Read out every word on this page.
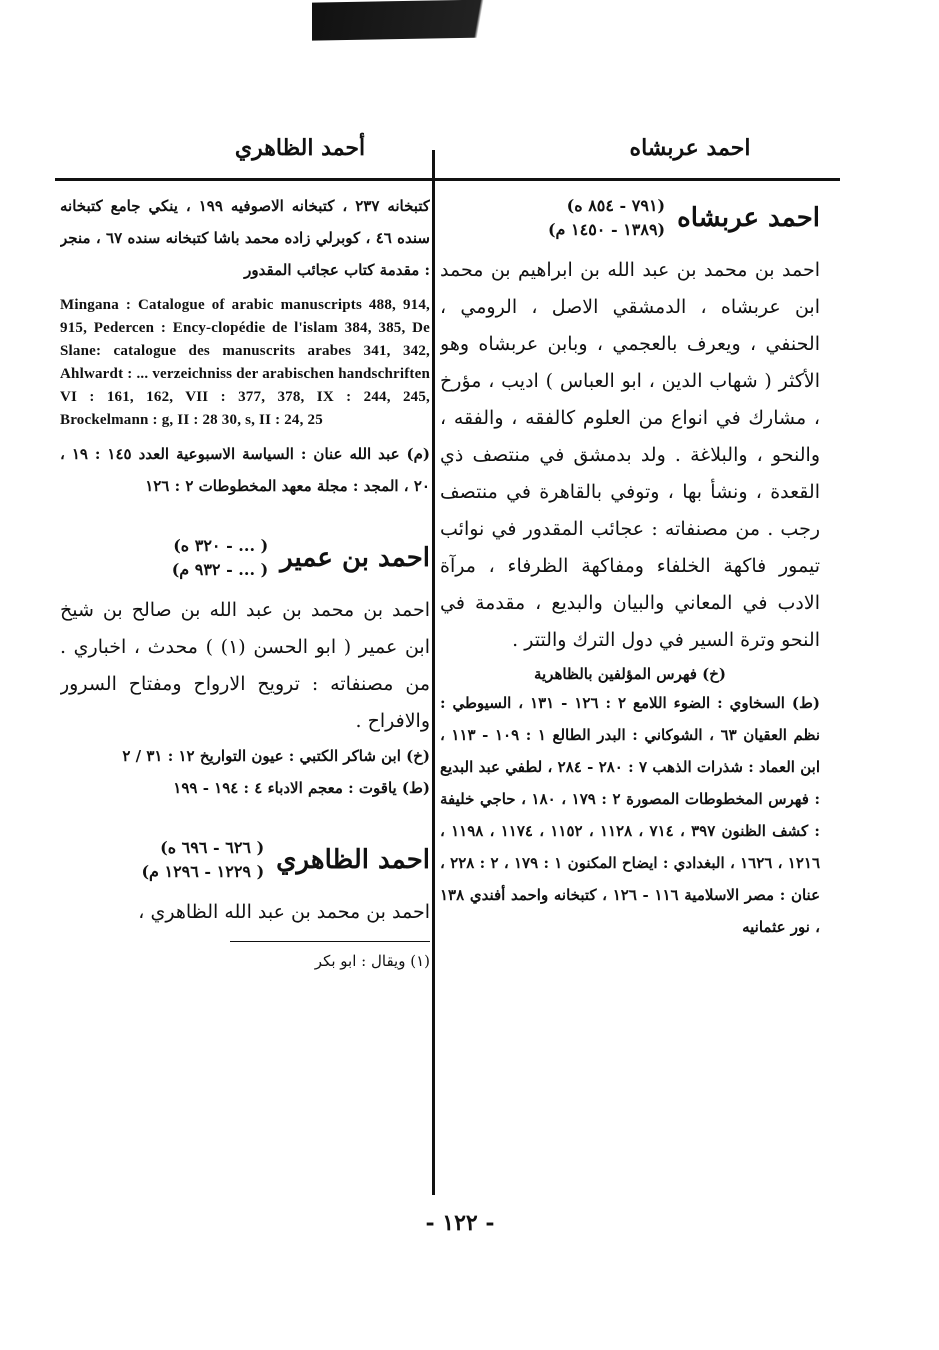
احمد عربشاه
أحمد الظاهري
احمد عربشاه
(٧٩١ - ٨٥٤ ه)
(١٣٨٩ - ١٤٥٠ م)

احمد بن محمد بن عبد الله بن ابراهيم بن محمد ابن عربشاه ، الدمشقي الاصل ، الرومي ، الحنفي ، ويعرف بالعجمي ، وبابن عربشاه وهو الأكثر ( شهاب الدين ، ابو العباس ) اديب ، مؤرخ ، مشارك في انواع من العلوم كالفقه ، والفقه ، والنحو ، والبلاغة . ولد بدمشق في منتصف ذي القعدة ، ونشأ بها ، وتوفي بالقاهرة في منتصف رجب . من مصنفاته : عجائب المقدور في نوائب تيمور فاكهة الخلفاء ومفاكهة الظرفاء ، مرآة الادب في المعاني والبيان والبديع ، مقدمة في النحو وترة السير في دول الترك والتتر .

(خ) فهرس المؤلفين بالظاهرية

(ط) السخاوي : الضوء اللامع ٢ : ١٢٦ - ١٣١ ، السيوطي : نظم العقيان ٦٣ ، الشوكاني : البدر الطالع ١ : ١٠٩ - ١١٣ ، ابن العماد : شذرات الذهب ٧ : ٢٨٠ - ٢٨٤ ، لطفي عبد البديع : فهرس المخطوطات المصورة ٢ : ١٧٩ ، ١٨٠ ، حاجي خليفة : كشف الظنون ٣٩٧ ، ٧١٤ ، ١١٢٨ ، ١١٥٢ ، ١١٧٤ ، ١١٩٨ ، ١٢١٦ ، ١٦٢٦ ، البغدادي : ايضاح المكنون ١ : ١٧٩ ، ٢ : ٢٢٨ ، عنان : مصر الاسلامية ١١٦ - ١٢٦ ، كتبخانه واحمد أفندي ١٣٨ ، نور عثمانيه

كتبخانه ٢٣٧ ، كتبخانه الاصوفيه ١٩٩ ، ينكي جامع كتبخانه سنده ٤٦ ، كوبرلي زاده محمد باشا كتبخانه سنده ٦٧ ، منجر : مقدمة كتاب عجائب المقدور

Mingana : Catalogue of arabic manuscripts 488, 914, 915, Pedercen : Ency-clopédie de l'islam 384, 385, De Slane: catalogue des manuscrits arabes 341, 342, Ahlwardt : ... verzeichniss der arabischen handschriften VI : 161, 162, VII : 377, 378, IX : 244, 245, Brockelmann : g, II : 28 30, s, II : 24, 25

(م) عبد الله عنان : السياسة الاسبوعية العدد ١٤٥ : ١٩ ، ٢٠ ، المجد : مجلة معهد المخطوطات ٢ : ١٢٦

احمد بن عمير
( ... - ٣٢٠ ه)
( ... - ٩٣٢ م)

احمد بن محمد بن عبد الله بن صالح بن شيخ ابن عمير ( ابو الحسن (١) ) محدث ، اخباري . من مصنفاته : ترويح الارواح ومفتاح السرور والافراح .

(خ) ابن شاكر الكتبي : عيون التواريخ ١٢ : ٣١ / ٢

(ط) ياقوت : معجم الادباء ٤ : ١٩٤ - ١٩٩

احمد الظاهري
( ٦٢٦ - ٦٩٦ ه)
( ١٢٢٩ - ١٢٩٦ م)

احمد بن محمد بن عبد الله الظاهري ،

(١) ويقال : ابو بكر
- ١٢٢ -
